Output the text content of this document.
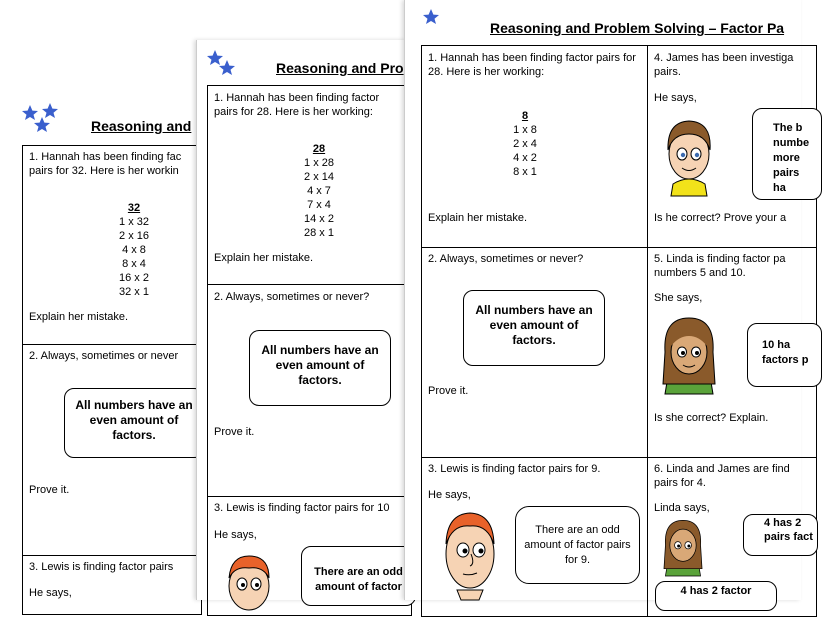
Reasoning and
1. Hannah has been finding fac pairs for 32. Here is her workin
32
1 x 32
2 x 16
4 x 8
8 x 4
16 x 2
32 x 1
Explain her mistake.
2. Always, sometimes or never
All numbers have an even amount of factors.
Prove it.
3. Lewis is finding factor pairs
He says,
Reasoning and Pro
1. Hannah has been finding factor pairs for 28. Here is her working:
28
1 x 28
2 x 14
4 x 7
7 x 4
14 x 2
28 x 1
Explain her mistake.
2. Always, sometimes or never?
All numbers have an even amount of factors.
Prove it.
3. Lewis is finding factor pairs for 10
He says,
There are an odd amount of factor
Reasoning and Problem Solving – Factor Pa
1. Hannah has been finding factor pairs for 28. Here is her working:
8
1 x 8
2 x 4
4 x 2
8 x 1
Explain her mistake.
4. James has been investiga pairs.
He says,
The b numbe more pairs ha
Is he correct? Prove your a
2. Always, sometimes or never?
All numbers have an even amount of factors.
Prove it.
5. Linda is finding factor pa numbers 5 and 10.
She says,
10 ha factors p
Is she correct? Explain.
3. Lewis is finding factor pairs for 9.
He says,
There are an odd amount of factor pairs for 9.
6. Linda and James are find pairs for 4.
Linda says,
4 has 2 pairs fact
4 has 2 factor
